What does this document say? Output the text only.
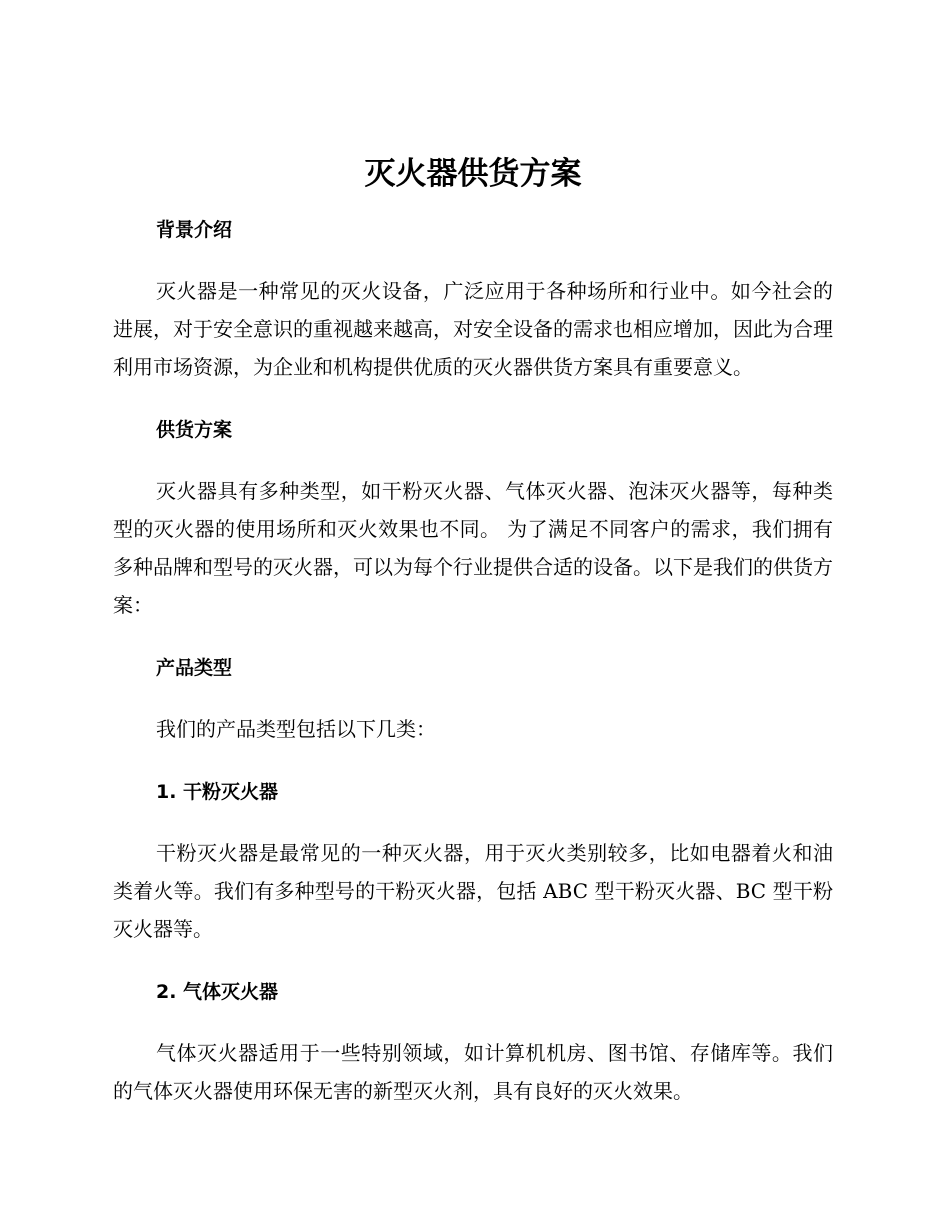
灭火器供货方案
背景介绍

灭火器是一种常见的灭火设备，广泛应用于各种场所和行业中。如今社会的进展，对于安全意识的重视越来越高，对安全设备的需求也相应增加，因此为合理利用市场资源，为企业和机构提供优质的灭火器供货方案具有重要意义。

供货方案

灭火器具有多种类型，如干粉灭火器、气体灭火器、泡沫灭火器等，每种类型的灭火器的使用场所和灭火效果也不同。 为了满足不同客户的需求，我们拥有多种品牌和型号的灭火器，可以为每个行业提供合适的设备。以下是我们的供货方案：

产品类型

我们的产品类型包括以下几类：

1. 干粉灭火器

干粉灭火器是最常见的一种灭火器，用于灭火类别较多，比如电器着火和油类着火等。我们有多种型号的干粉灭火器，包括 ABC 型干粉灭火器、BC 型干粉灭火器等。

2. 气体灭火器

气体灭火器适用于一些特别领域，如计算机机房、图书馆、存储库等。我们的气体灭火器使用环保无害的新型灭火剂，具有良好的灭火效果。
